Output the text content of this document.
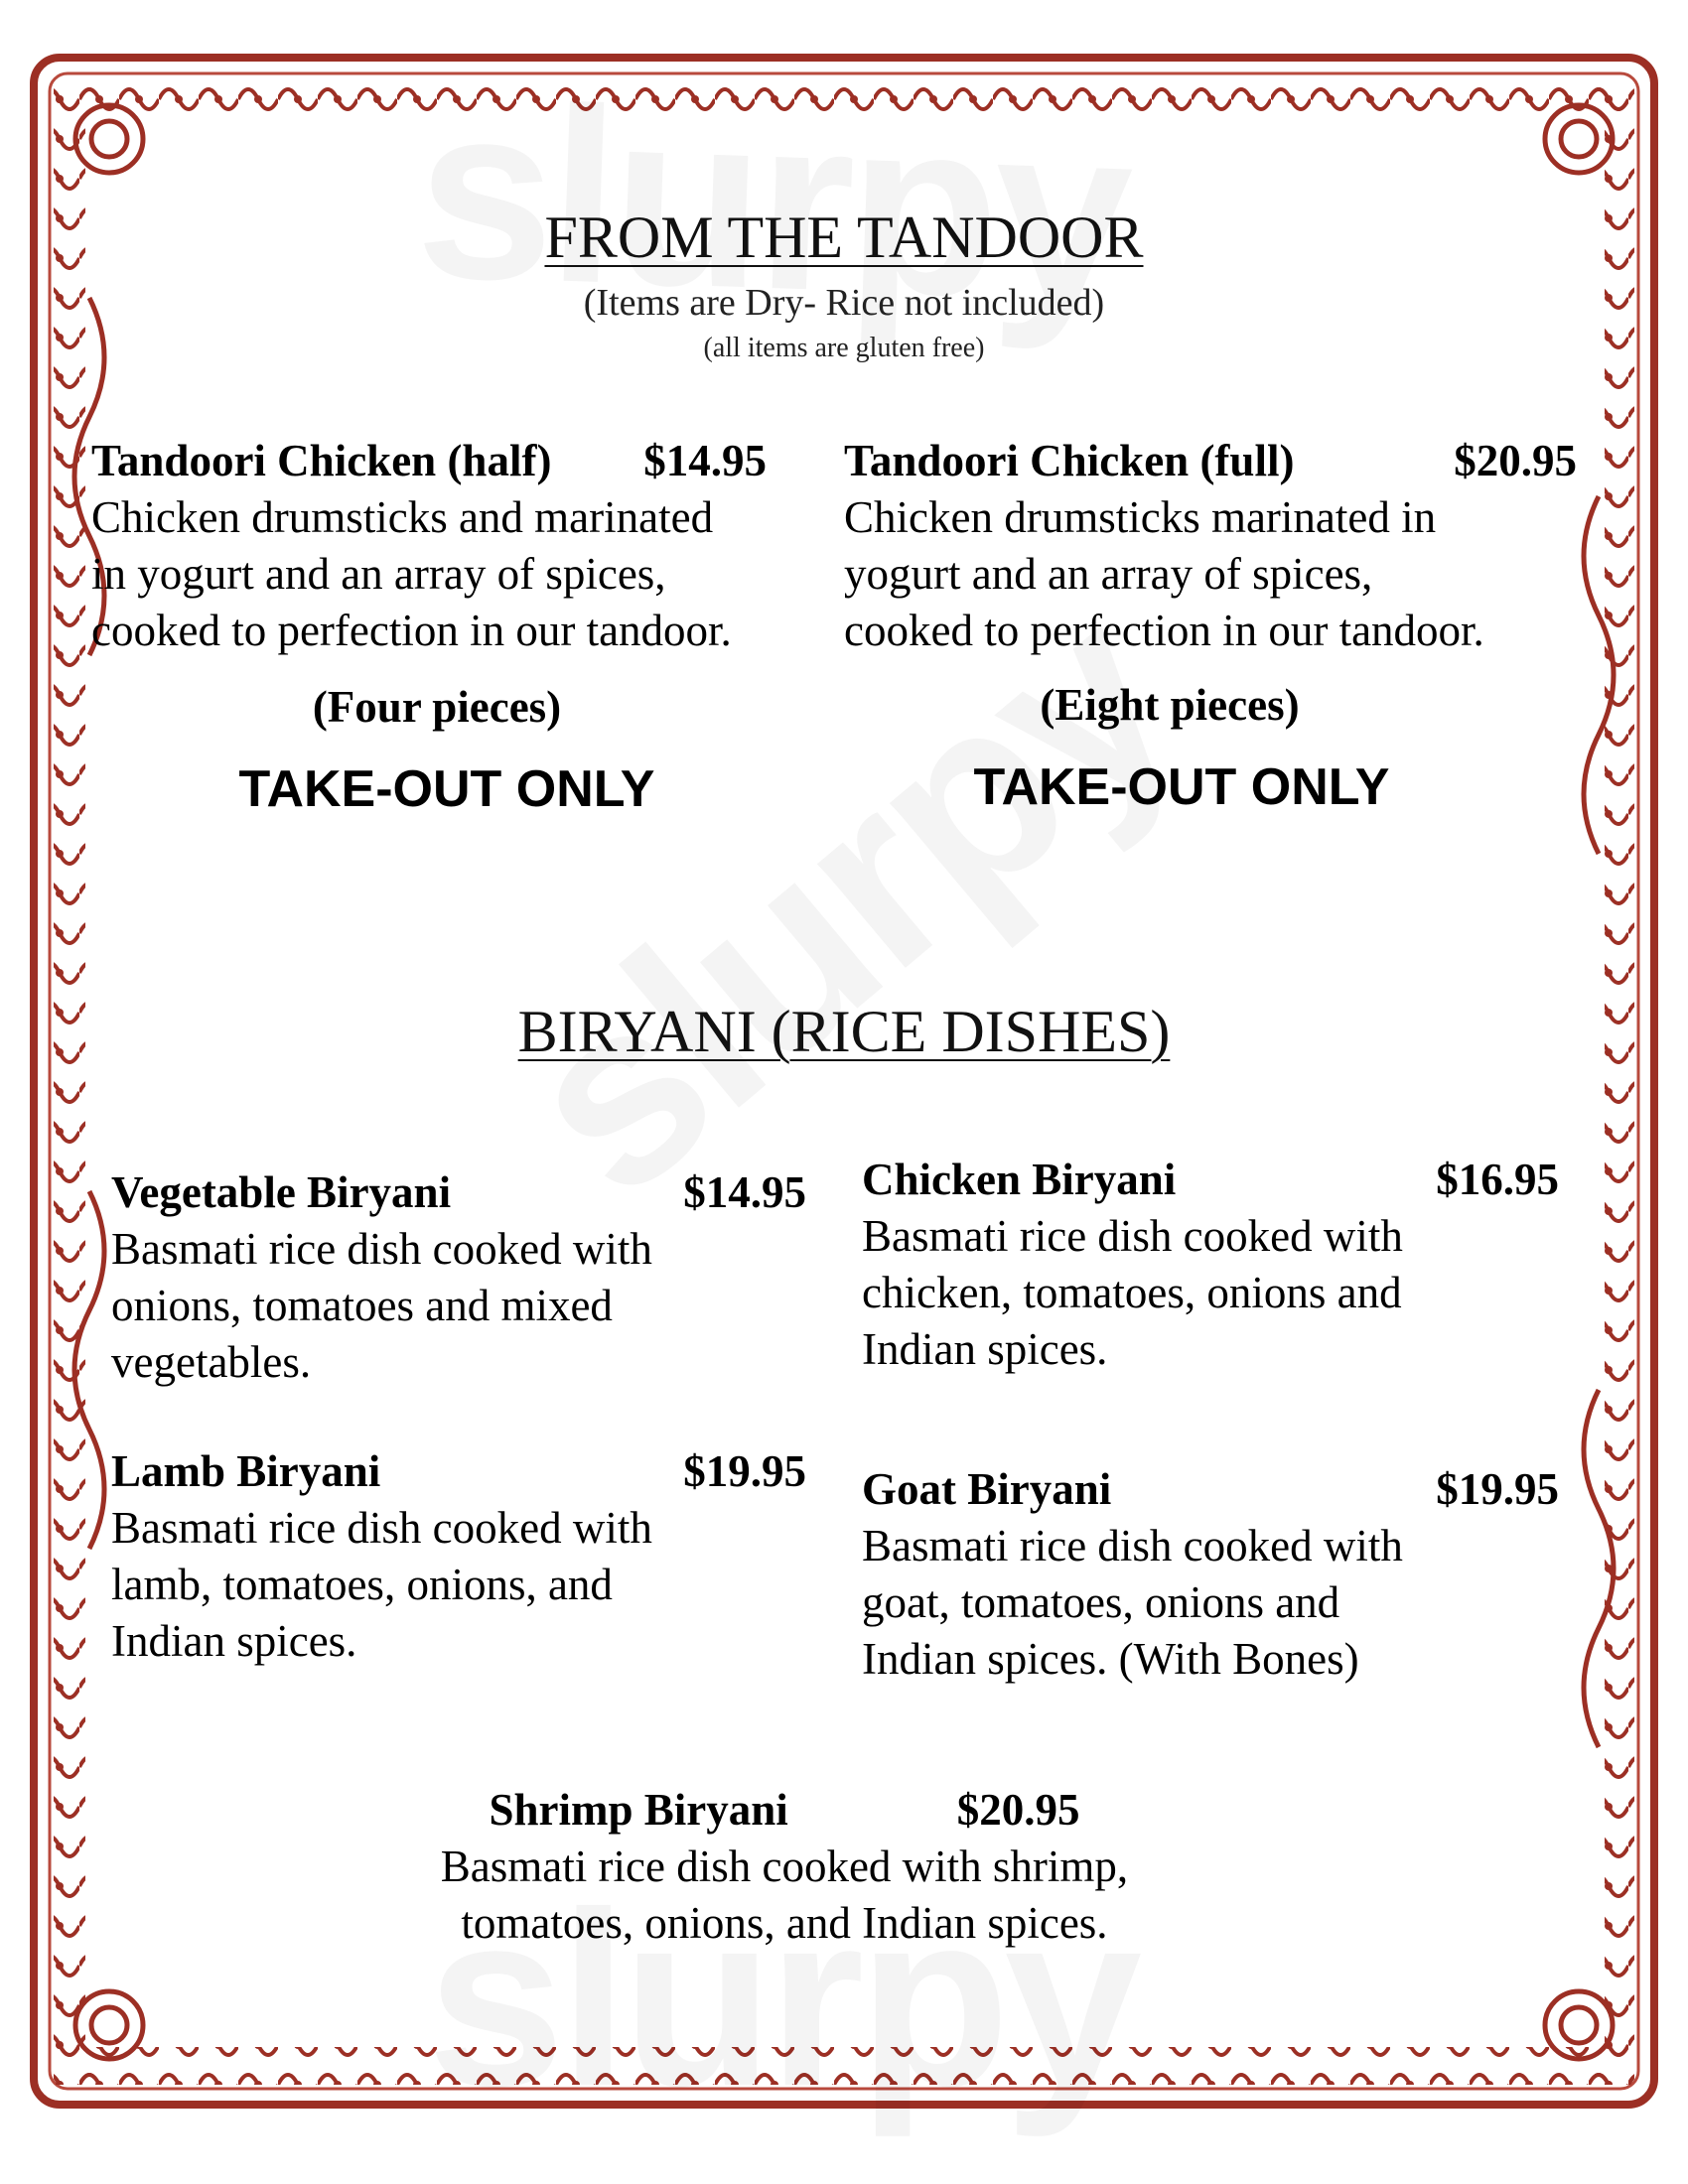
FROM THE TANDOOR
(Items are Dry- Rice not included)
(all items are gluten free)
Tandoori Chicken (half) $14.95
Chicken drumsticks and marinated
in yogurt and an array of spices,
cooked to perfection in our tandoor.
(Four pieces)
TAKE-OUT ONLY
Tandoori Chicken (full)	$20.95
Chicken drumsticks marinated in
yogurt and an array of spices,
cooked to perfection in our tandoor.
(Eight pieces)
TAKE-OUT ONLY
BIRYANI (RICE DISHES)
Vegetable Biryani	$14.95
Basmati rice dish cooked with
onions, tomatoes and mixed
vegetables.
Chicken Biryani	$16.95
Basmati rice dish cooked with
chicken, tomatoes, onions and
Indian spices.
Lamb Biryani	$19.95
Basmati rice dish cooked with
lamb, tomatoes, onions, and
Indian spices.
Goat Biryani	$19.95
Basmati rice dish cooked with
goat, tomatoes, onions and
Indian spices. (With Bones)
Shrimp Biryani	$20.95
Basmati rice dish cooked with shrimp,
tomatoes, onions, and Indian spices.
